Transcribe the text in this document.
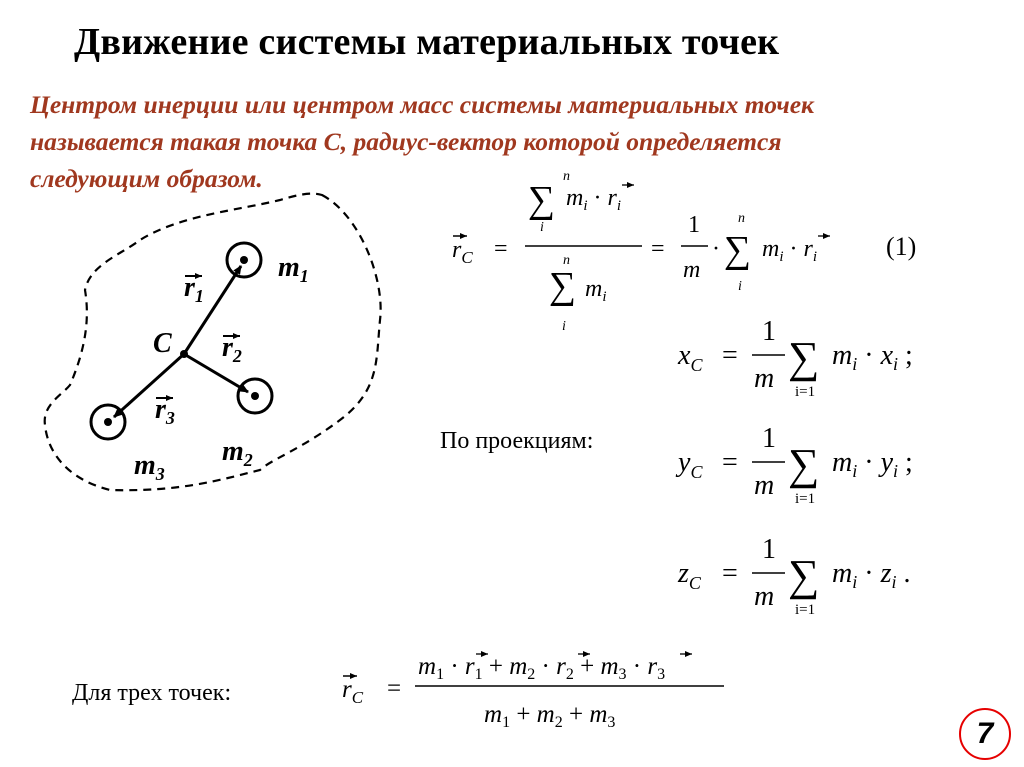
Движение системы материальных точек
Центром инерции или центром масс системы материальных точек
называется такая точка С, радиус-вектор которой определяется
следующим образом.
C
$m_1$
$m_2$
$m_3$
$r_1$
$r_2$
$r_3$
$r_C$ =
n
∑
i
$m_i \cdot r_i$
n
∑
i
$m_i$
=
1
m
·
n
∑
i
$m_i \cdot r_i$	(1)
$x_C$ =
1
m ∑
i=1
$m_i \cdot x_i$ ;
$y_C$ =
1
m ∑
i=1
$m_i \cdot y_i$ ;
$z_C$ =
1
m ∑
i=1
$m_i \cdot z_i$ .
По проекциям:
Для трех точек:	$r_C$ =
$m_1 \cdot r_1 + m_2 \cdot r_2 + m_3 \cdot r_3$
$m_1 + m_2 + m_3$	7
